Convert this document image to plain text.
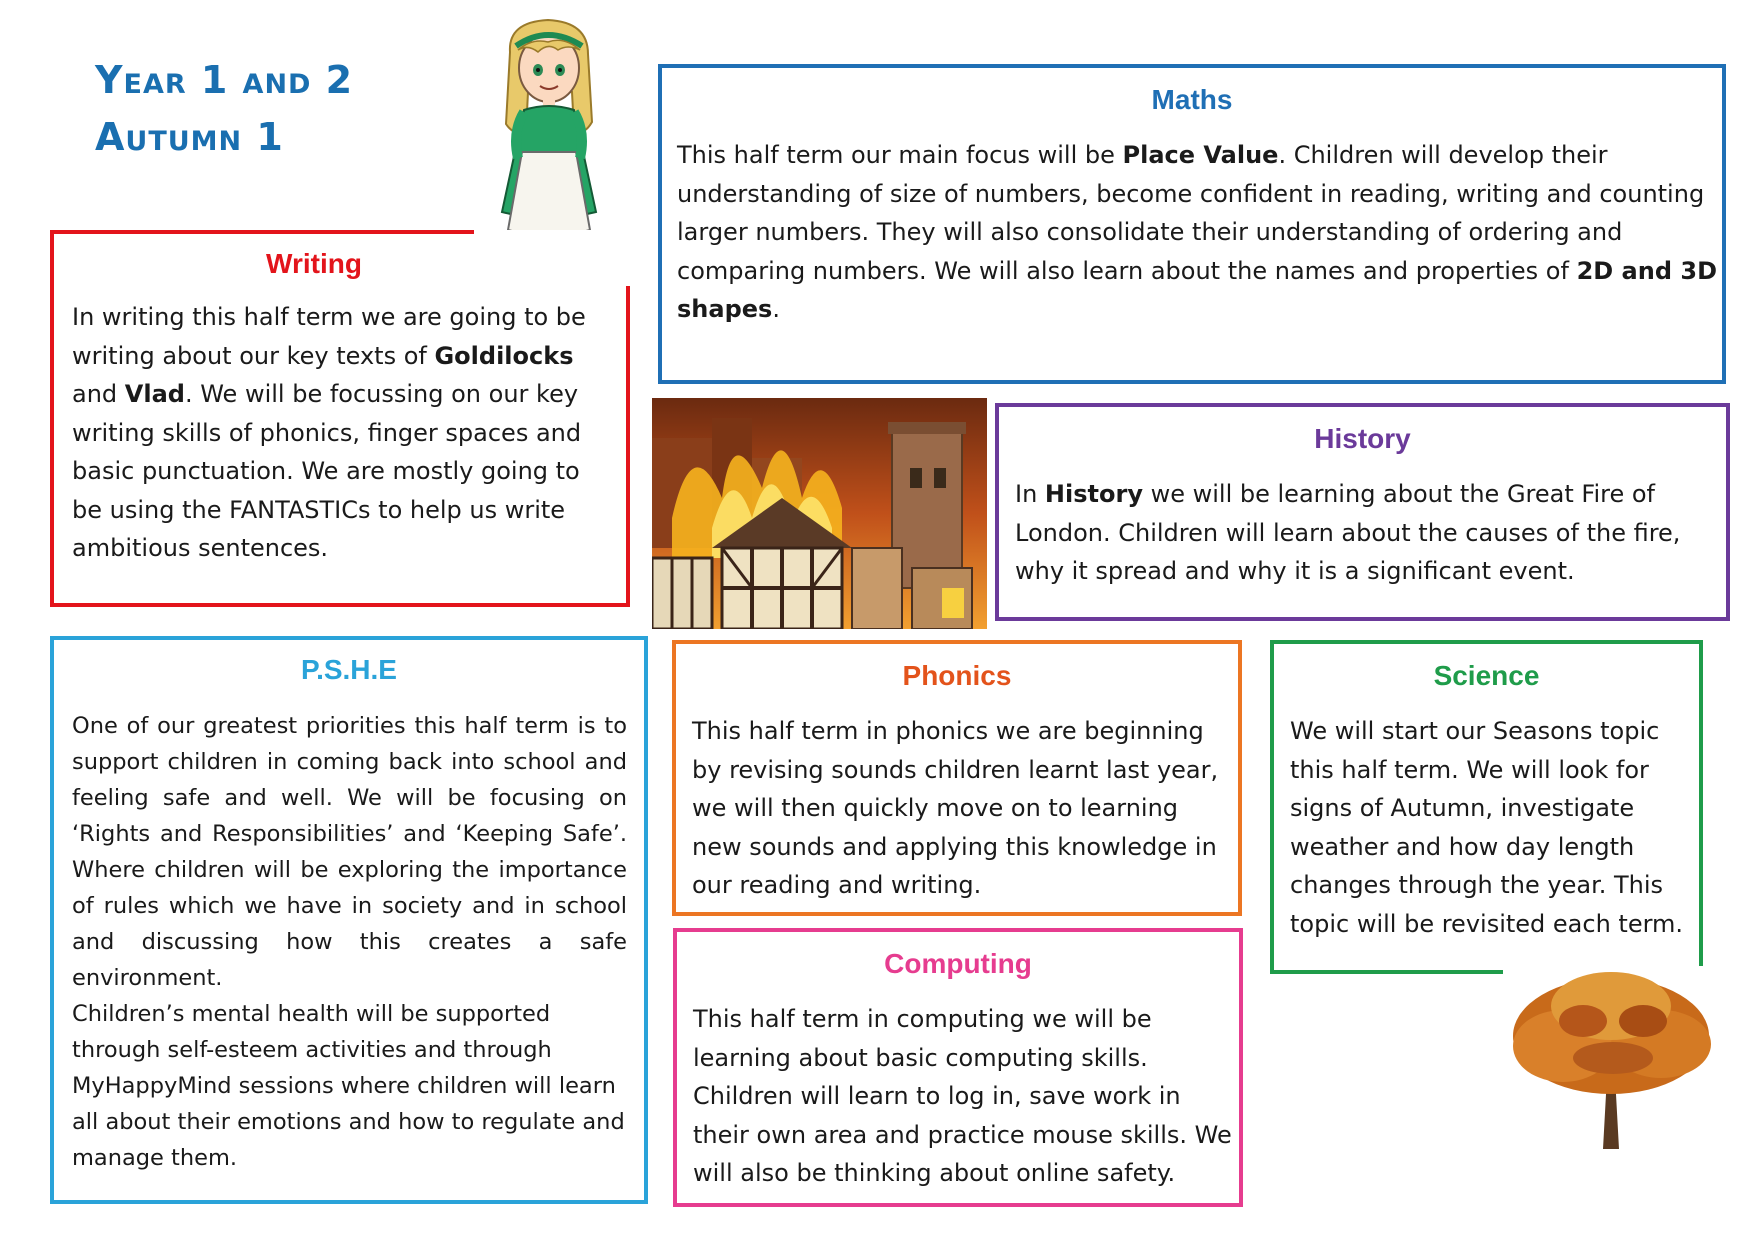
Year 1 and 2
Autumn 1
Writing
In writing this half term we are going to be writing about our key texts of Goldilocks and Vlad. We will be focussing on our key writing skills of phonics, finger spaces and basic punctuation. We are mostly going to be using the FANTASTICs to help us write ambitious sentences.
Maths
This half term our main focus will be Place Value. Children will develop their understanding of size of numbers, become confident in reading, writing and counting larger numbers. They will also consolidate their understanding of ordering and comparing numbers. We will also learn about the names and properties of 2D and 3D shapes.
History
In History we will be learning about the Great Fire of London. Children will learn about the causes of the fire, why it spread and why it is a significant event.
P.S.H.E
One of our greatest priorities this half term is to support children in coming back into school and feeling safe and well. We will be focusing on ‘Rights and Responsibilities’ and ‘Keeping Safe’. Where children will be exploring the importance of rules which we have in society and in school and discussing how this creates a safe environment.
Children’s mental health will be supported through self-esteem activities and through MyHappyMind sessions where children will learn all about their emotions and how to regulate and manage them.
Phonics
This half term in phonics we are beginning by revising sounds children learnt last year, we will then quickly move on to learning new sounds and applying this knowledge in our reading and writing.
Computing
This half term in computing we will be learning about basic computing skills. Children will learn to log in, save work in their own area and practice mouse skills. We will also be thinking about online safety.
Science
We will start our Seasons topic this half term. We will look for signs of Autumn, investigate weather and how day length changes through the year. This topic will be revisited each term.
